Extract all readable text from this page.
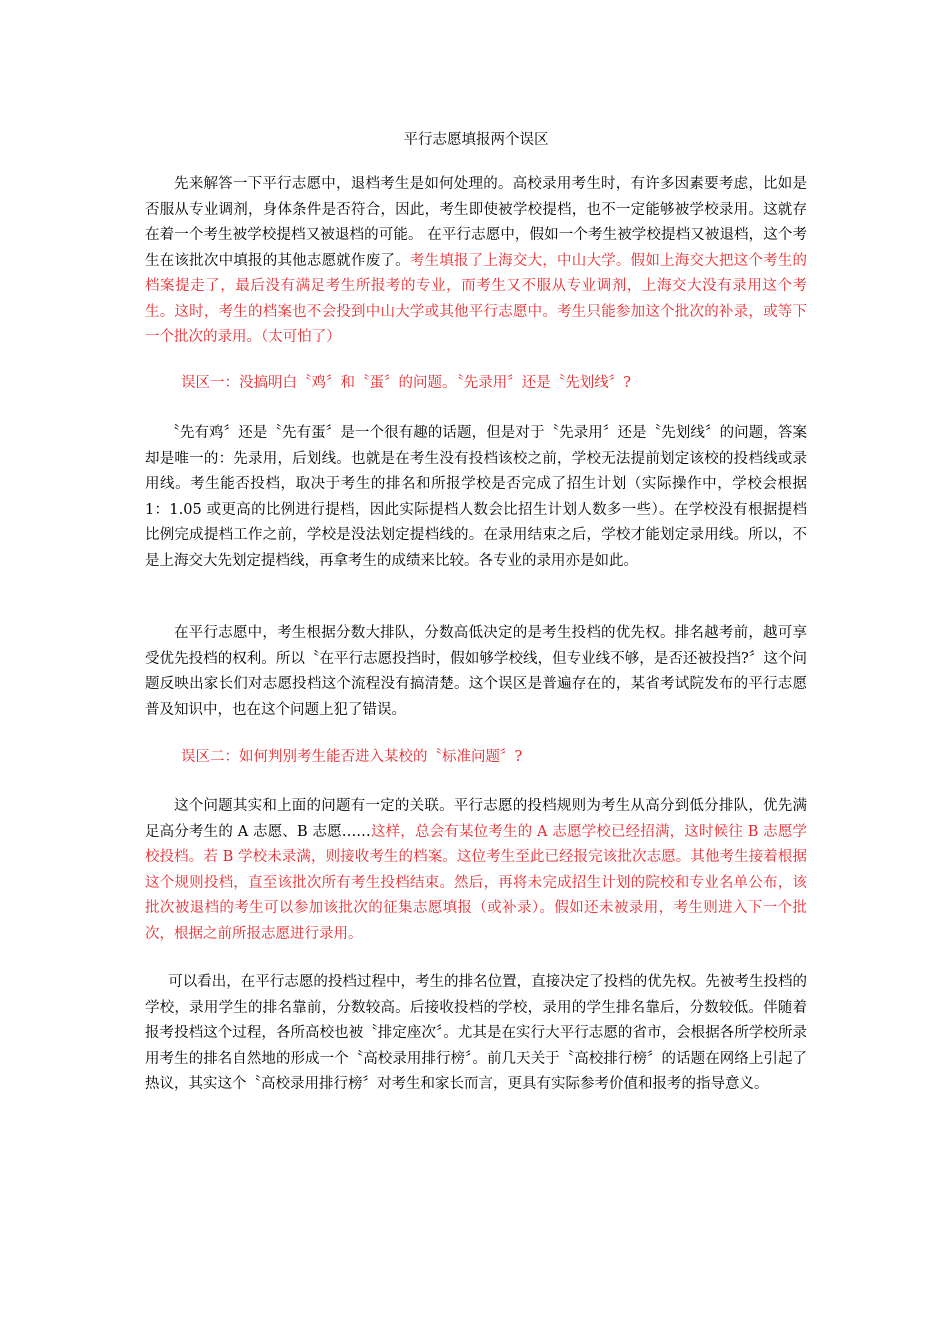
平行志愿填报两个误区

先来解答一下平行志愿中，退档考生是如何处理的。高校录用考生时，有许多因素要考虑，比如是否服从专业调剂，身体条件是否符合，因此，考生即使被学校提档，也不一定能够被学校录用。这就存在着一个考生被学校提档又被退档的可能。 在平行志愿中，假如一个考生被学校提档又被退档，这个考生在该批次中填报的其他志愿就作废了。考生填报了上海交大，中山大学。假如上海交大把这个考生的档案提走了，最后没有满足考生所报考的专业，而考生又不服从专业调剂，上海交大没有录用这个考生。这时，考生的档案也不会投到中山大学或其他平行志愿中。考生只能参加这个批次的补录，或等下一个批次的录用。（太可怕了）

误区一：没搞明白〝鸡〞和〝蛋〞的问题。〝先录用〞还是〝先划线〞?

〝先有鸡〞还是〝先有蛋〞是一个很有趣的话题，但是对于〝先录用〞还是〝先划线〞的问题，答案却是唯一的：先录用，后划线。也就是在考生没有投档该校之前，学校无法提前划定该校的投档线或录用线。考生能否投档，取决于考生的排名和所报学校是否完成了招生计划（实际操作中，学校会根据 1：1.05 或更高的比例进行提档，因此实际提档人数会比招生计划人数多一些）。在学校没有根据提档比例完成提档工作之前，学校是没法划定提档线的。在录用结束之后，学校才能划定录用线。所以，不是上海交大先划定提档线，再拿考生的成绩来比较。各专业的录用亦是如此。

在平行志愿中，考生根据分数大排队，分数高低决定的是考生投档的优先权。排名越考前，越可享受优先投档的权利。所以〝在平行志愿投挡时，假如够学校线，但专业线不够，是否还被投挡?〞这个问题反映出家长们对志愿投档这个流程没有搞清楚。这个误区是普遍存在的，某省考试院发布的平行志愿普及知识中，也在这个问题上犯了错误。

误区二：如何判别考生能否进入某校的〝标准问题〞?

这个问题其实和上面的问题有一定的关联。平行志愿的投档规则为考生从高分到低分排队，优先满足高分考生的 A 志愿、B 志愿……这样，总会有某位考生的 A 志愿学校已经招满，这时候往 B 志愿学校投档。若 B 学校未录满，则接收考生的档案。这位考生至此已经报完该批次志愿。其他考生接着根据这个规则投档，直至该批次所有考生投档结束。然后，再将未完成招生计划的院校和专业名单公布，该批次被退档的考生可以参加该批次的征集志愿填报（或补录）。假如还未被录用，考生则进入下一个批次，根据之前所报志愿进行录用。

可以看出，在平行志愿的投档过程中，考生的排名位置，直接决定了投档的优先权。先被考生投档的学校，录用学生的排名靠前，分数较高。后接收投档的学校，录用的学生排名靠后，分数较低。伴随着报考投档这个过程，各所高校也被〝排定座次〞。尤其是在实行大平行志愿的省市，会根据各所学校所录用考生的排名自然地的形成一个〝高校录用排行榜〞。前几天关于〝高校排行榜〞的话题在网络上引起了热议，其实这个〝高校录用排行榜〞对考生和家长而言，更具有实际参考价值和报考的指导意义。
